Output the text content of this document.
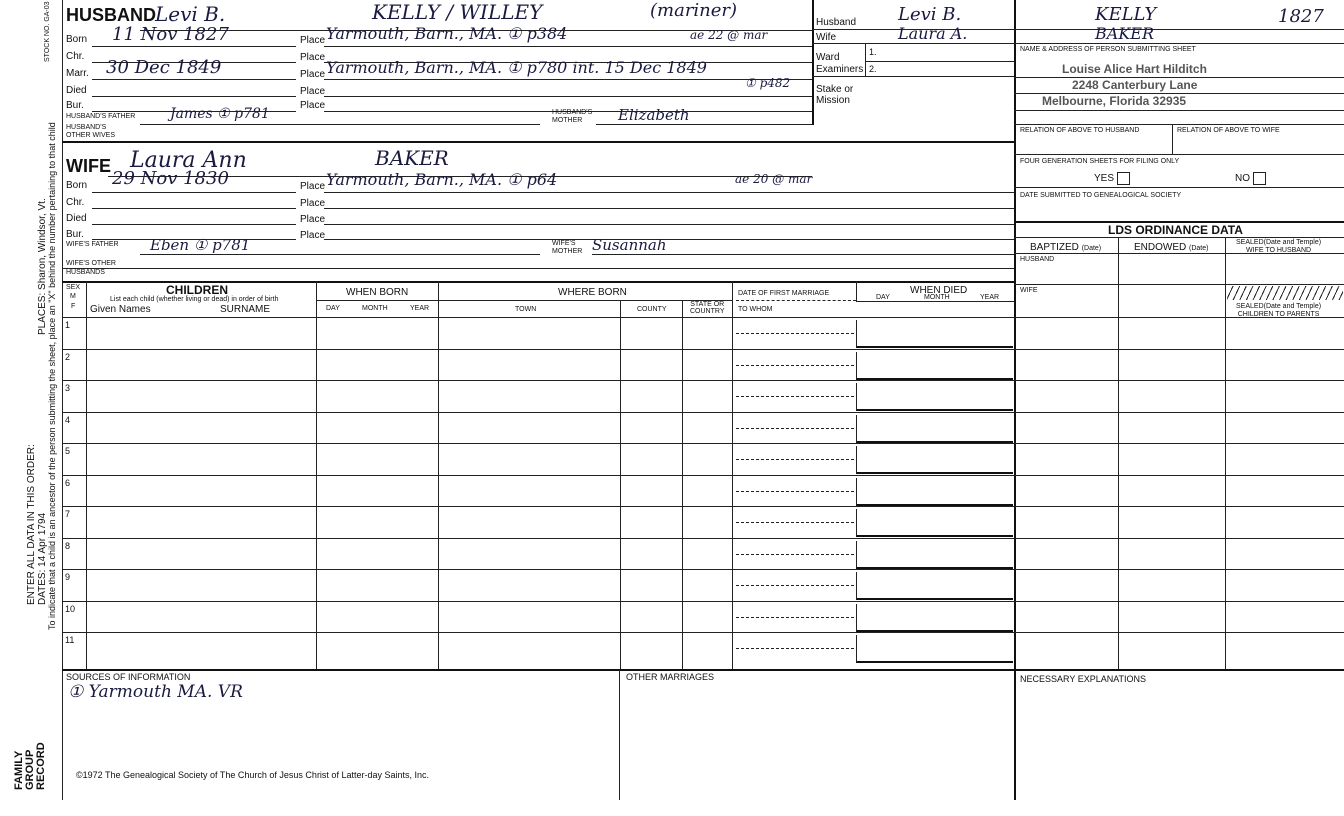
STOCK NO. GA-03
PLACES: Sharon, Windsor, Vt.
ENTER ALL DATA IN THIS ORDER: DATES: 14 Apr 1794 To indicate that a child is an ancestor of the person submitting the sheet, place an "X" behind the number pertaining to that child
FAMILY GROUP RECORD
HUSBAND Levi B.	KELLY / WILLEY	(mariner)
Born 11 Nov 1827	Place Yarmouth, Barn., MA. ① p384	ae 22 @ mar
Chr.	Place
Marr. 30 Dec 1849	Place Yarmouth, Barn., MA. ① p780 int. 15 Dec 1849
① p482
Died	Place
Bur.	Place
HUSBAND'S FATHER James ① p781	HUSBAND'S
MOTHER	Elizabeth
HUSBAND'S
OTHER WIVES
Husband Levi B.	KELLY	1827
Wife	Laura A.	BAKER
Ward
Examiners
1.
2.
Stake or
Mission
NAME & ADDRESS OF PERSON SUBMITTING SHEET
Louise Alice Hart Hilditch
2248 Canterbury Lane
Melbourne, Florida 32935
RELATION OF ABOVE TO HUSBAND	RELATION OF ABOVE TO WIFE
FOUR GENERATION SHEETS FOR FILING ONLY
YES	NO
DATE SUBMITTED TO GENEALOGICAL SOCIETY
LDS ORDINANCE DATA
BAPTIZED (Date)	ENDOWED (Date)
SEALED(Date and Temple)
WIFE TO HUSBAND
HUSBAND
WIFE
SEALED(Date and Temple)
CHILDREN TO PARENTS
WIFE Laura Ann	BAKER
Born 29 Nov 1830	Place Yarmouth, Barn., MA. ① p64	ae 20 @ mar
Chr.	Place
Died	Place
Bur.	Place
WIFE'S FATHER Eben ① p781	WIFE'S
MOTHER Susannah
WIFE'S OTHER
HUSBANDS
SEX
M
F
CHILDREN
List each child (whether living or dead) in order of birth
Given Names	SURNAME
WHEN BORN
DAY	MONTH	YEAR
WHERE BORN
TOWN	COUNTY
STATE OR
COUNTRY
DATE OF FIRST MARRIAGE
TO WHOM
WHEN DIED
DAY	MONTH	YEAR
1
2
3
4
5
6
7
8
9
10
11
SOURCES OF INFORMATION
① Yarmouth MA. VR
OTHER MARRIAGES	NECESSARY EXPLANATIONS
©1972 The Genealogical Society of The Church of Jesus Christ of Latter-day Saints, Inc.
